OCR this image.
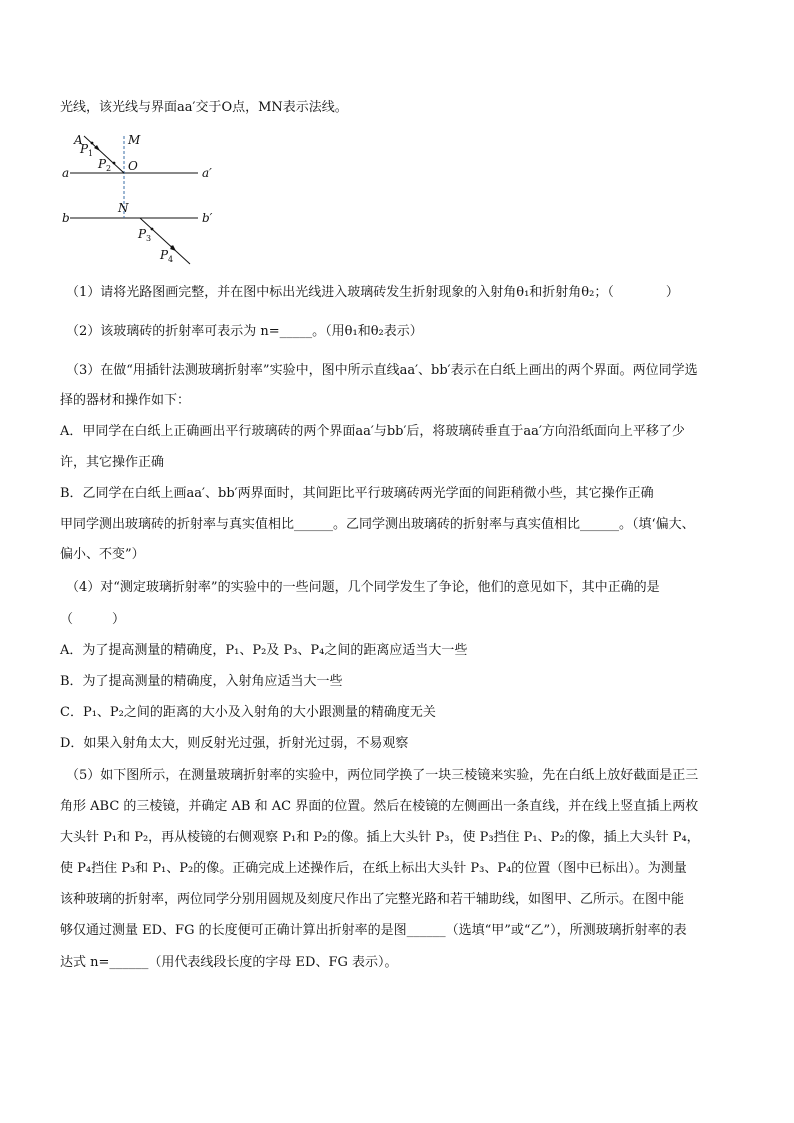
光线，该光线与界面aa′交于O点，MN表示法线。
A	M
P 1
P 2 O
a	a′
b	b′
N
P 3
P 4
（1）请将光路图画完整，并在图中标出光线进入玻璃砖发生折射现象的入射角θ₁和折射角θ₂；（　　　　）
（2）该玻璃砖的折射率可表示为 n=_____。（用θ₁和θ₂表示）
（3）在做“用插针法测玻璃折射率”实验中，图中所示直线aa′、bb′表示在白纸上画出的两个界面。两位同学选
择的器材和操作如下：
A．甲同学在白纸上正确画出平行玻璃砖的两个界面aa′与bb′后，将玻璃砖垂直于aa′方向沿纸面向上平移了少
许，其它操作正确
B．乙同学在白纸上画aa′、bb′两界面时，其间距比平行玻璃砖两光学面的间距稍微小些，其它操作正确
甲同学测出玻璃砖的折射率与真实值相比______。乙同学测出玻璃砖的折射率与真实值相比______。（填‘偏大、
偏小、不变”）
（4）对“测定玻璃折射率”的实验中的一些问题，几个同学发生了争论，他们的意见如下，其中正确的是
（　　　）
A．为了提高测量的精确度，P₁、P₂及 P₃、P₄之间的距离应适当大一些
B．为了提高测量的精确度，入射角应适当大一些
C．P₁、P₂之间的距离的大小及入射角的大小跟测量的精确度无关
D．如果入射角太大，则反射光过强，折射光过弱，不易观察
（5）如下图所示，在测量玻璃折射率的实验中，两位同学换了一块三棱镜来实验，先在白纸上放好截面是正三
角形 ABC 的三棱镜，并确定 AB 和 AC 界面的位置。然后在棱镜的左侧画出一条直线，并在线上竖直插上两枚
大头针 P₁和 P₂，再从棱镜的右侧观察 P₁和 P₂的像。插上大头针 P₃，使 P₃挡住 P₁、P₂的像，插上大头针 P₄，
使 P₄挡住 P₃和 P₁、P₂的像。正确完成上述操作后，在纸上标出大头针 P₃、P₄的位置（图中已标出）。为测量
该种玻璃的折射率，两位同学分别用圆规及刻度尺作出了完整光路和若干辅助线，如图甲、乙所示。在图中能
够仅通过测量 ED、FG 的长度便可正确计算出折射率的是图______（选填“甲”或“乙”），所测玻璃折射率的表
达式 n=______（用代表线段长度的字母 ED、FG 表示）。
